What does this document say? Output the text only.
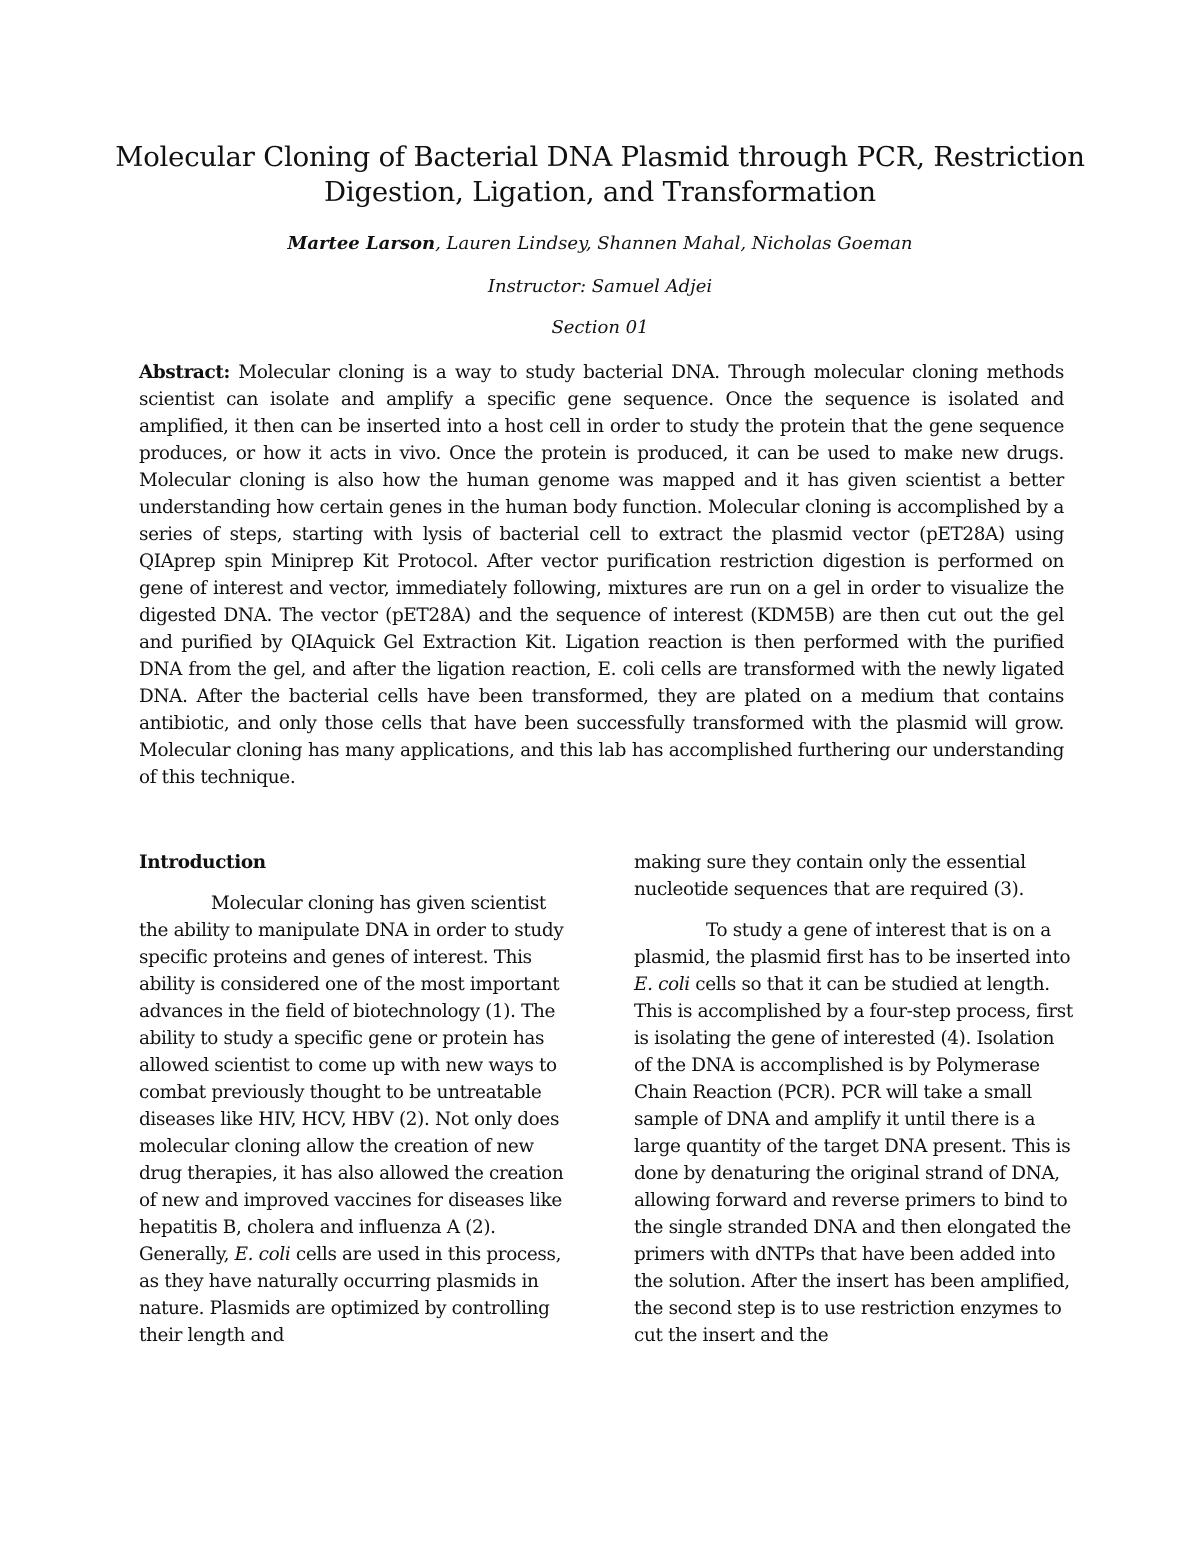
Molecular Cloning of Bacterial DNA Plasmid through PCR, Restriction Digestion, Ligation, and Transformation
Martee Larson, Lauren Lindsey, Shannen Mahal, Nicholas Goeman
Instructor: Samuel Adjei
Section 01
Abstract: Molecular cloning is a way to study bacterial DNA. Through molecular cloning methods scientist can isolate and amplify a specific gene sequence. Once the sequence is isolated and amplified, it then can be inserted into a host cell in order to study the protein that the gene sequence produces, or how it acts in vivo. Once the protein is produced, it can be used to make new drugs. Molecular cloning is also how the human genome was mapped and it has given scientist a better understanding how certain genes in the human body function. Molecular cloning is accomplished by a series of steps, starting with lysis of bacterial cell to extract the plasmid vector (pET28A) using QIAprep spin Miniprep Kit Protocol. After vector purification restriction digestion is performed on gene of interest and vector, immediately following, mixtures are run on a gel in order to visualize the digested DNA. The vector (pET28A) and the sequence of interest (KDM5B) are then cut out the gel and purified by QIAquick Gel Extraction Kit. Ligation reaction is then performed with the purified DNA from the gel, and after the ligation reaction, E. coli cells are transformed with the newly ligated DNA. After the bacterial cells have been transformed, they are plated on a medium that contains antibiotic, and only those cells that have been successfully transformed with the plasmid will grow. Molecular cloning has many applications, and this lab has accomplished furthering our understanding of this technique.

Introduction

Molecular cloning has given scientist the ability to manipulate DNA in order to study specific proteins and genes of interest. This ability is considered one of the most important advances in the field of biotechnology (1). The ability to study a specific gene or protein has allowed scientist to come up with new ways to combat previously thought to be untreatable diseases like HIV, HCV, HBV (2). Not only does molecular cloning allow the creation of new drug therapies, it has also allowed the creation of new and improved vaccines for diseases like hepatitis B, cholera and influenza A (2). Generally, E. coli cells are used in this process, as they have naturally occurring plasmids in nature. Plasmids are optimized by controlling their length and

making sure they contain only the essential nucleotide sequences that are required (3).

To study a gene of interest that is on a plasmid, the plasmid first has to be inserted into E. coli cells so that it can be studied at length. This is accomplished by a four-step process, first is isolating the gene of interested (4). Isolation of the DNA is accomplished is by Polymerase Chain Reaction (PCR). PCR will take a small sample of DNA and amplify it until there is a large quantity of the target DNA present. This is done by denaturing the original strand of DNA, allowing forward and reverse primers to bind to the single stranded DNA and then elongated the primers with dNTPs that have been added into the solution. After the insert has been amplified, the second step is to use restriction enzymes to cut the insert and the
